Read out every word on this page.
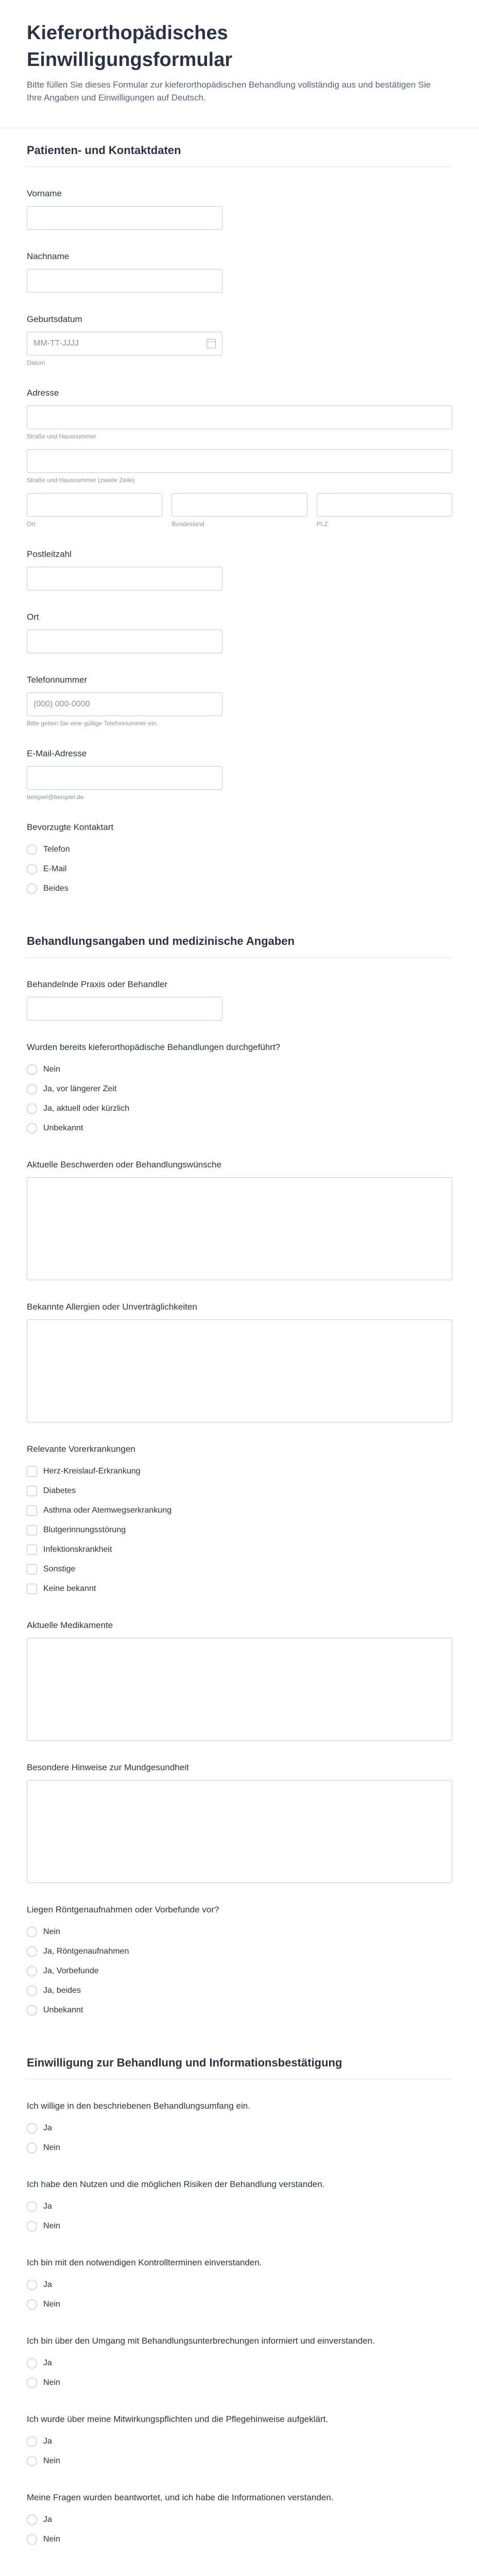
Kieferorthopädisches Einwilligungsformular
Bitte füllen Sie dieses Formular zur kieferorthopädischen Behandlung vollständig aus und bestätigen Sie Ihre Angaben und Einwilligungen auf Deutsch.
Patienten- und Kontaktdaten
Vorname
Nachname
Geburtsdatum
MM-TT-JJJJ
Datum
Adresse
Straße und Hausnummer
Straße und Hausnummer (zweite Zeile)
Ort	Bundesland	PLZ
Postleitzahl
Ort
Telefonnummer
(000) 000-0000
Bitte geben Sie eine gültige Telefonnummer ein.
E-Mail-Adresse
beispiel@beispiel.de
Bevorzugte Kontaktart
Telefon
E-Mail
Beides
Behandlungsangaben und medizinische Angaben
Behandelnde Praxis oder Behandler
Wurden bereits kieferorthopädische Behandlungen durchgeführt?
Nein
Ja, vor längerer Zeit
Ja, aktuell oder kürzlich
Unbekannt
Aktuelle Beschwerden oder Behandlungswünsche
Bekannte Allergien oder Unverträglichkeiten
Relevante Vorerkrankungen
Herz-Kreislauf-Erkrankung
Diabetes
Asthma oder Atemwegserkrankung
Blutgerinnungsstörung
Infektionskrankheit
Sonstige
Keine bekannt
Aktuelle Medikamente
Besondere Hinweise zur Mundgesundheit
Liegen Röntgenaufnahmen oder Vorbefunde vor?
Nein
Ja, Röntgenaufnahmen
Ja, Vorbefunde
Ja, beides
Unbekannt
Einwilligung zur Behandlung und Informationsbestätigung
Ich willige in den beschriebenen Behandlungsumfang ein.
Ja
Nein
Ich habe den Nutzen und die möglichen Risiken der Behandlung verstanden.
Ja
Nein
Ich bin mit den notwendigen Kontrollterminen einverstanden.
Ja
Nein
Ich bin über den Umgang mit Behandlungsunterbrechungen informiert und einverstanden.
Ja
Nein
Ich wurde über meine Mitwirkungspflichten und die Pflegehinweise aufgeklärt.
Ja
Nein
Meine Fragen wurden beantwortet, und ich habe die Informationen verstanden.
Ja
Nein
